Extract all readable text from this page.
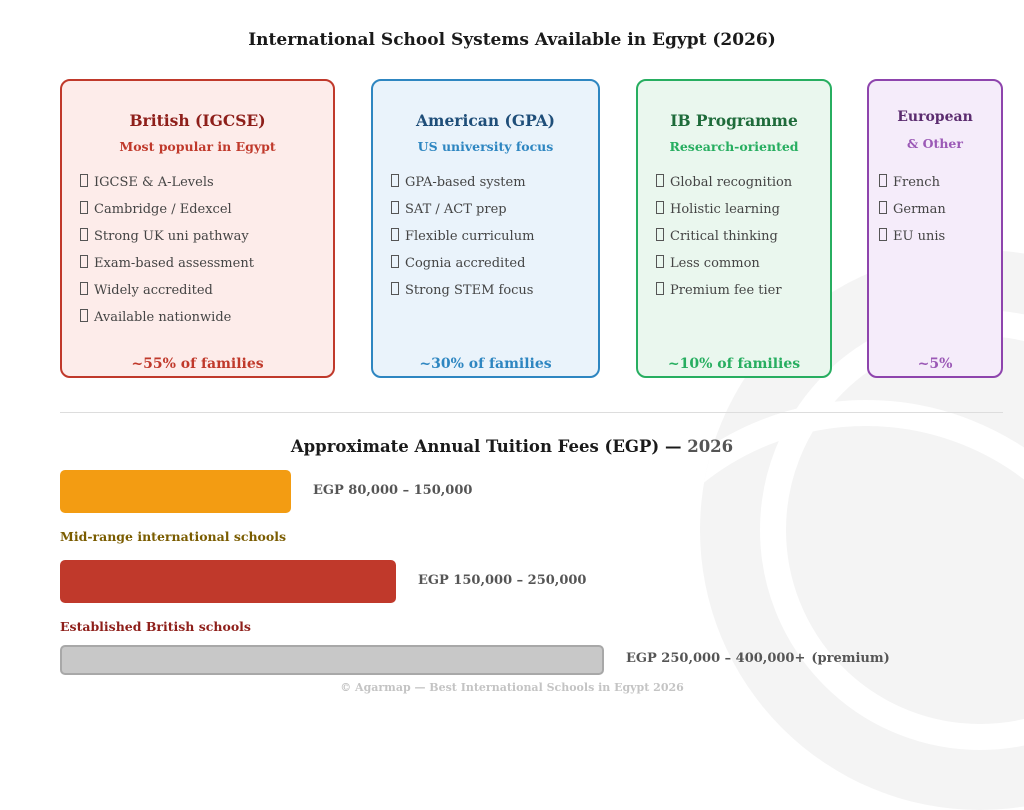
International School Systems Available in Egypt (2026)
British (IGCSE)
Most popular in Egypt
IGCSE & A-Levels
Cambridge / Edexcel
Strong UK uni pathway
Exam-based assessment
Widely accredited
Available nationwide
~55% of families
American (GPA)
US university focus
GPA-based system
SAT / ACT prep
Flexible curriculum
Cognia accredited
Strong STEM focus
~30% of families
IB Programme
Research-oriented
Global recognition
Holistic learning
Critical thinking
Less common
Premium fee tier
~10% of families
European
& Other
French
German
EU unis
~5%
Approximate Annual Tuition Fees (EGP) — 2026
EGP 80,000 – 150,000
Mid-range international schools
EGP 150,000 – 250,000
Established British schools
EGP 250,000 – 400,000+ (premium)
© Agarmap — Best International Schools in Egypt 2026
